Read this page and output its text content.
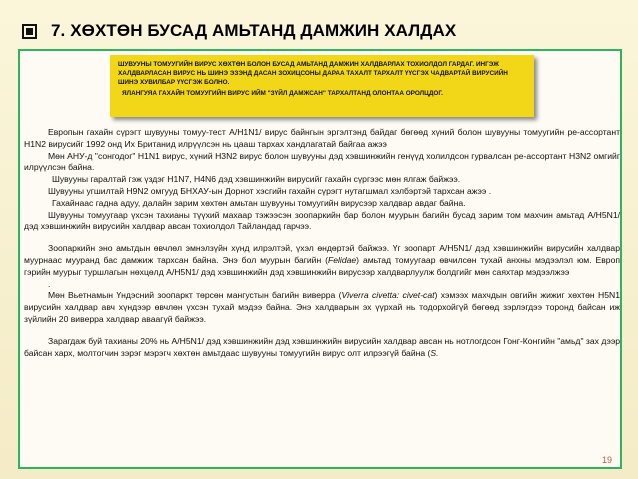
7. ХӨХТӨН БУСАД АМЬТАНД ДАМЖИН ХАЛДАХ

ШУВУУНЫ ТОМУУГИЙН ВИРУС ХӨХТӨН БОЛОН БУСАД АМЬТАНД ДАМЖИН ХАЛДВАРЛАХ ТОХИОЛДОЛ ГАРДАГ. ИНГЭЖ ХАЛДВАРЛАСАН ВИРУС НЬ ШИНЭ ЭЗЭНД ДАСАН ЗОХИЦСОНЫ ДАРАА ТАХАЛТ ТАРХАЛТ ҮҮСГЭХ ЧАДВАРТАЙ ВИРУСИЙН ШИНЭ ХУВИЛБАР ҮҮСГЭЖ БОЛНО.

ЯЛАНГУЯА ГАХАЙН ТОМУУГИЙН ВИРУС ИЙМ "ЗҮЙЛ ДАМЖСАН" ТАРХАЛТАНД ОЛОНТАА ОРОЛЦДОГ.

Европын гахайн сүрэгт шувууны томуу-тест A/H1N1/ вирус байнгын эргэлтэнд байдаг бөгөөд хүний болон шувууны томуугийн ре-ассортант H1N2 вирусийг 1992 онд Их Британид илрүүлсэн нь цааш тархах хандлагатай байгаа ажээ

Мөн АНУ-д "сонгодог" H1N1 вирус, хүний H3N2 вирус болон шувууны дэд хэвшинжийн генүүд холилдсон гурвалсан ре-ассортант H3N2 омгийг илрүүлсэн байна.

Шувууны гаралтай гэж үздэг H1N7, H4N6 дэд хэвшинжийн вирусийг гахайн сүргээс мөн ялгаж байжээ.

Шувууны угшилтай H9N2 омгууд БНХАУ-ын Дорнот хэсгийн гахайн сүрэгт нутагшмал хэлбэртэй тархсан ажээ .

Гахайнаас гадна адуу, далайн зарим хөхтөн амьтан шувууны томуугийн вирусээр халдвар авдаг байна.

Шувууны томуугаар үхсэн тахианы түүхий махаар тэжээсэн зоопаркийн бар болон муурын багийн бусад зарим том махчин амьтад A/H5N1/ дэд хэвшинжийн вирусийн халдвар авсан тохиолдол Тайландад гарчээ.

Зоопаркийн эно амьтдын өвчлөл эмнэлзүйн хүнд илрэлтэй, үхэл өндөртэй байжээ. Үг зоопарт A/H5N1/ дэд хэвшинжийн вирусийн халдвар муурнаас мууранд бас дамжиж тархсан байна. Энэ бол муурын багийн (Felidae) амьтад томуугаар өвчилсөн тухай анхны мэдээлэл юм. Европ гэрийн муурыг туршлагын нөхцөлд A/H5N1/ дэд хэвшинжийн дэд хэвшинжийн вирусээр халдварлуулж болдгийг мөн саяхтар мэдээлжээ

.

Мөн Вьетнамын Үндэсний зоопаркт төрсөн мангустын багийн виверра (Viverra civetta: civet-cat) хэмээх махчдын овгийн жижиг хөхтөн H5N1 вирусийн халдвар авч хүндээр өвчлөн үхсэн тухай мэдээ байна. Энэ халдварын эх үүрхай нь тодорхойгүй бөгөөд зэрлэгдээ торонд байсан иж зүйлийн 20 виверра халдвар аваагүй байжээ.

Зарагдаж буй тахианы 20% нь A/H5N1/ дэд хэвшинжийн дэд хэвшинжийн вирусийн халдвар авсан нь нотлогдсон Гонг-Конгийн "амьд" зах дээр байсан харх, молтогчин зэрэг мэрэгч хөхтөн амьтдаас шувууны томуугийн вирус олт илрээгүй байна (S.

19
